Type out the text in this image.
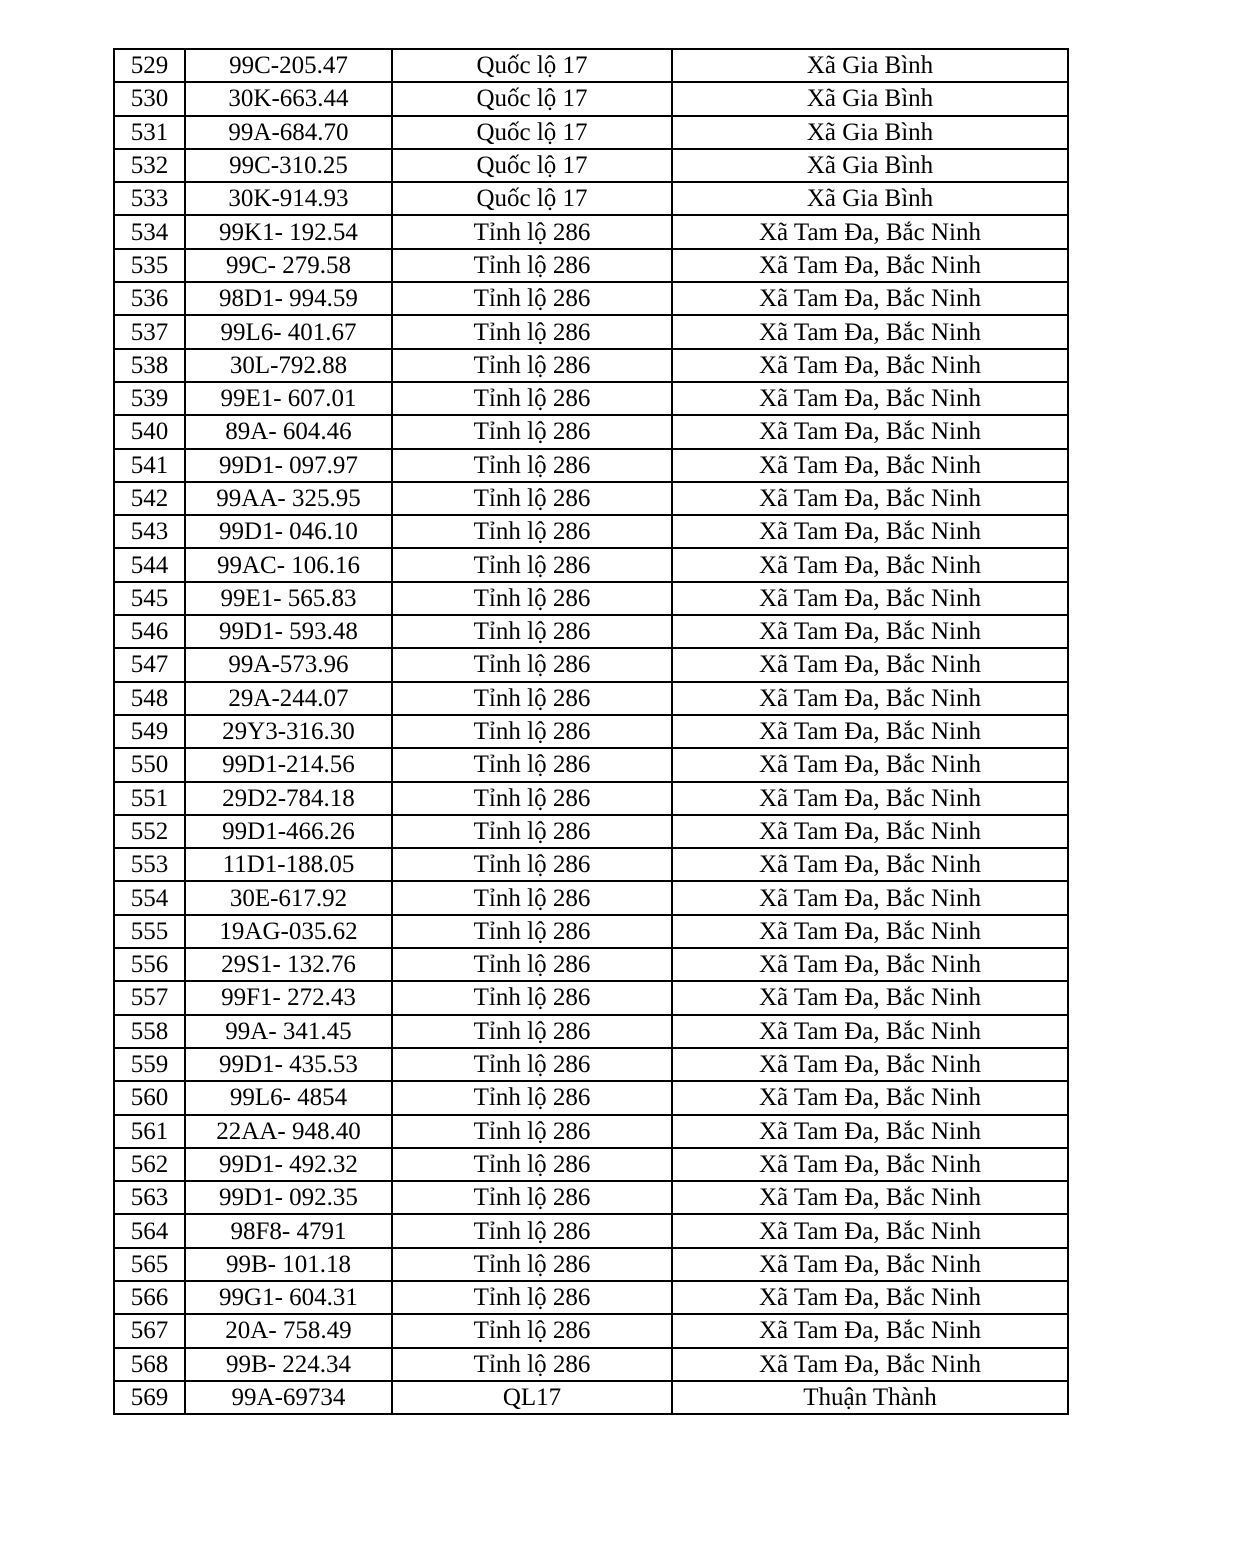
529	99C-205.47	Quốc lộ 17	Xã Gia Bình
530	30K-663.44	Quốc lộ 17	Xã Gia Bình
531	99A-684.70	Quốc lộ 17	Xã Gia Bình
532	99C-310.25	Quốc lộ 17	Xã Gia Bình
533	30K-914.93	Quốc lộ 17	Xã Gia Bình
534	99K1- 192.54	Tỉnh lộ 286	Xã Tam Đa, Bắc Ninh
535	99C- 279.58	Tỉnh lộ 286	Xã Tam Đa, Bắc Ninh
536	98D1- 994.59	Tỉnh lộ 286	Xã Tam Đa, Bắc Ninh
537	99L6- 401.67	Tỉnh lộ 286	Xã Tam Đa, Bắc Ninh
538	30L-792.88	Tỉnh lộ 286	Xã Tam Đa, Bắc Ninh
539	99E1- 607.01	Tỉnh lộ 286	Xã Tam Đa, Bắc Ninh
540	89A- 604.46	Tỉnh lộ 286	Xã Tam Đa, Bắc Ninh
541	99D1- 097.97	Tỉnh lộ 286	Xã Tam Đa, Bắc Ninh
542	99AA- 325.95	Tỉnh lộ 286	Xã Tam Đa, Bắc Ninh
543	99D1- 046.10	Tỉnh lộ 286	Xã Tam Đa, Bắc Ninh
544	99AC- 106.16	Tỉnh lộ 286	Xã Tam Đa, Bắc Ninh
545	99E1- 565.83	Tỉnh lộ 286	Xã Tam Đa, Bắc Ninh
546	99D1- 593.48	Tỉnh lộ 286	Xã Tam Đa, Bắc Ninh
547	99A-573.96	Tỉnh lộ 286	Xã Tam Đa, Bắc Ninh
548	29A-244.07	Tỉnh lộ 286	Xã Tam Đa, Bắc Ninh
549	29Y3-316.30	Tỉnh lộ 286	Xã Tam Đa, Bắc Ninh
550	99D1-214.56	Tỉnh lộ 286	Xã Tam Đa, Bắc Ninh
551	29D2-784.18	Tỉnh lộ 286	Xã Tam Đa, Bắc Ninh
552	99D1-466.26	Tỉnh lộ 286	Xã Tam Đa, Bắc Ninh
553	11D1-188.05	Tỉnh lộ 286	Xã Tam Đa, Bắc Ninh
554	30E-617.92	Tỉnh lộ 286	Xã Tam Đa, Bắc Ninh
555	19AG-035.62	Tỉnh lộ 286	Xã Tam Đa, Bắc Ninh
556	29S1- 132.76	Tỉnh lộ 286	Xã Tam Đa, Bắc Ninh
557	99F1- 272.43	Tỉnh lộ 286	Xã Tam Đa, Bắc Ninh
558	99A- 341.45	Tỉnh lộ 286	Xã Tam Đa, Bắc Ninh
559	99D1- 435.53	Tỉnh lộ 286	Xã Tam Đa, Bắc Ninh
560	99L6- 4854	Tỉnh lộ 286	Xã Tam Đa, Bắc Ninh
561	22AA- 948.40	Tỉnh lộ 286	Xã Tam Đa, Bắc Ninh
562	99D1- 492.32	Tỉnh lộ 286	Xã Tam Đa, Bắc Ninh
563	99D1- 092.35	Tỉnh lộ 286	Xã Tam Đa, Bắc Ninh
564	98F8- 4791	Tỉnh lộ 286	Xã Tam Đa, Bắc Ninh
565	99B- 101.18	Tỉnh lộ 286	Xã Tam Đa, Bắc Ninh
566	99G1- 604.31	Tỉnh lộ 286	Xã Tam Đa, Bắc Ninh
567	20A- 758.49	Tỉnh lộ 286	Xã Tam Đa, Bắc Ninh
568	99B- 224.34	Tỉnh lộ 286	Xã Tam Đa, Bắc Ninh
569	99A-69734	QL17	Thuận Thành
